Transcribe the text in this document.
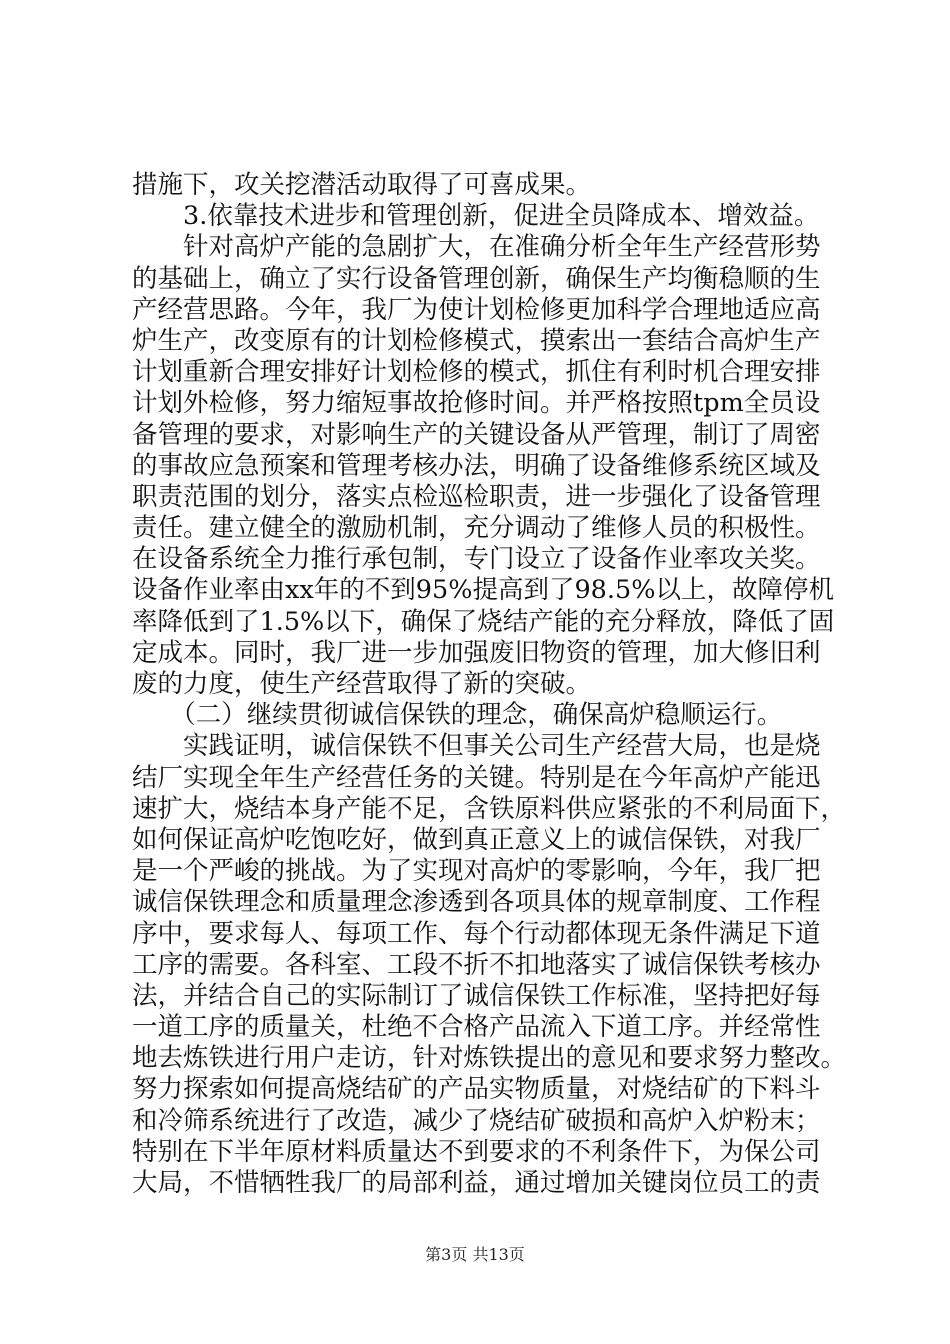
措施下，攻关挖潜活动取得了可喜成果。
　　3.依靠技术进步和管理创新，促进全员降成本、增效益。
　　针对高炉产能的急剧扩大，在准确分析全年生产经营形势
的基础上，确立了实行设备管理创新，确保生产均衡稳顺的生
产经营思路。今年，我厂为使计划检修更加科学合理地适应高
炉生产，改变原有的计划检修模式，摸索出一套结合高炉生产
计划重新合理安排好计划检修的模式，抓住有利时机合理安排
计划外检修，努力缩短事故抢修时间。并严格按照tpm全员设
备管理的要求，对影响生产的关键设备从严管理，制订了周密
的事故应急预案和管理考核办法，明确了设备维修系统区域及
职责范围的划分，落实点检巡检职责，进一步强化了设备管理
责任。建立健全的激励机制，充分调动了维修人员的积极性。
在设备系统全力推行承包制，专门设立了设备作业率攻关奖。
设备作业率由xx年的不到95%提高到了98.5%以上，故障停机
率降低到了1.5%以下，确保了烧结产能的充分释放，降低了固
定成本。同时，我厂进一步加强废旧物资的管理，加大修旧利
废的力度，使生产经营取得了新的突破。
　　（二）继续贯彻诚信保铁的理念，确保高炉稳顺运行。
　　实践证明，诚信保铁不但事关公司生产经营大局，也是烧
结厂实现全年生产经营任务的关键。特别是在今年高炉产能迅
速扩大，烧结本身产能不足，含铁原料供应紧张的不利局面下，
如何保证高炉吃饱吃好，做到真正意义上的诚信保铁，对我厂
是一个严峻的挑战。为了实现对高炉的零影响，今年，我厂把
诚信保铁理念和质量理念渗透到各项具体的规章制度、工作程
序中，要求每人、每项工作、每个行动都体现无条件满足下道
工序的需要。各科室、工段不折不扣地落实了诚信保铁考核办
法，并结合自己的实际制订了诚信保铁工作标准，坚持把好每
一道工序的质量关，杜绝不合格产品流入下道工序。并经常性
地去炼铁进行用户走访，针对炼铁提出的意见和要求努力整改。
努力探索如何提高烧结矿的产品实物质量，对烧结矿的下料斗
和冷筛系统进行了改造，减少了烧结矿破损和高炉入炉粉末；
特别在下半年原材料质量达不到要求的不利条件下，为保公司
大局，不惜牺牲我厂的局部利益，通过增加关键岗位员工的责
第3页 共13页
